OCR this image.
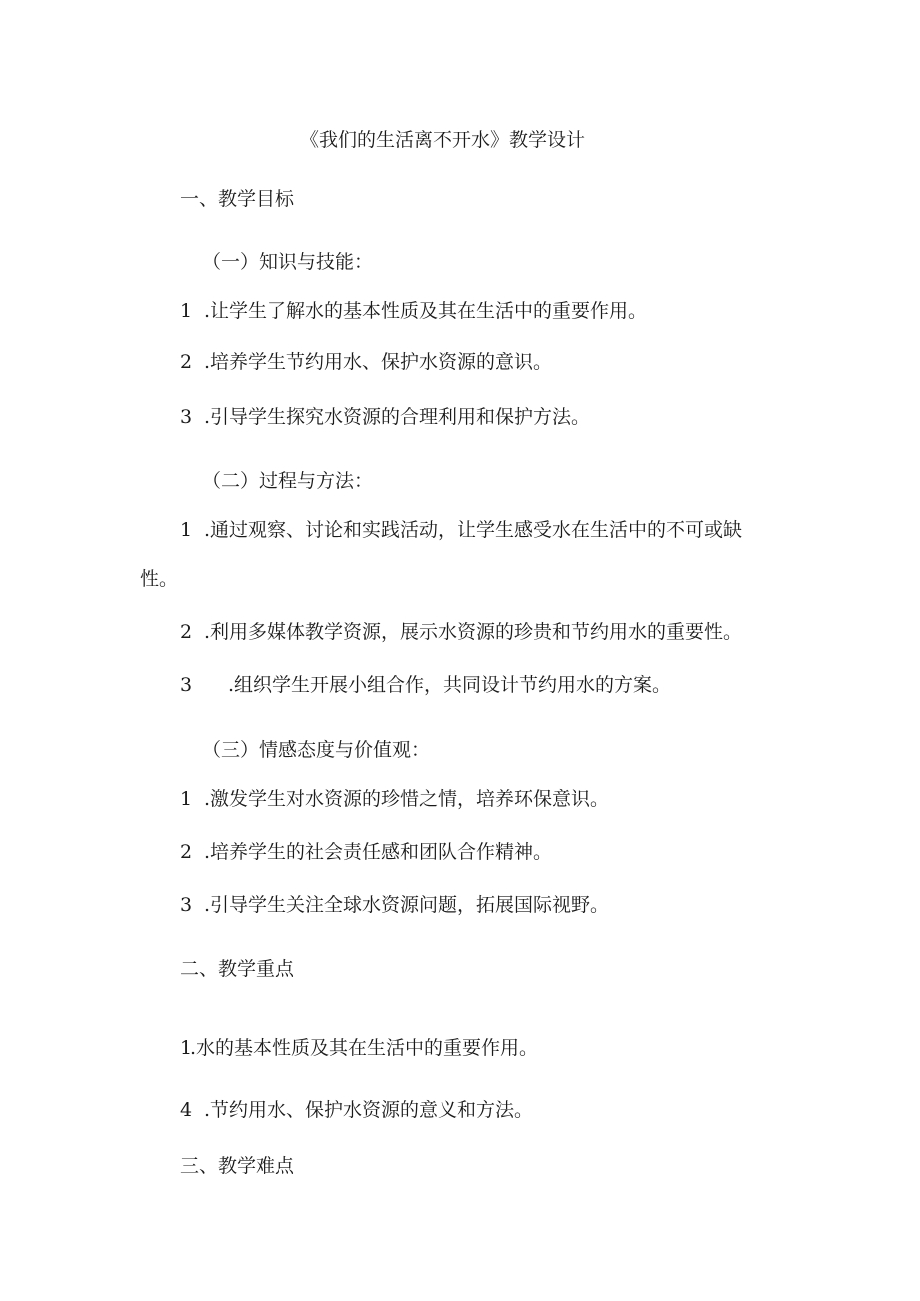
《我们的生活离不开水》教学设计
一、教学目标
（一）知识与技能：
1 .让学生了解水的基本性质及其在生活中的重要作用。
2 .培养学生节约用水、保护水资源的意识。
3 .引导学生探究水资源的合理利用和保护方法。
（二）过程与方法：
1 .通过观察、讨论和实践活动，让学生感受水在生活中的不可或缺
性。
2 .利用多媒体教学资源，展示水资源的珍贵和节约用水的重要性。
3 .组织学生开展小组合作，共同设计节约用水的方案。
（三）情感态度与价值观：
1 .激发学生对水资源的珍惜之情，培养环保意识。
2 .培养学生的社会责任感和团队合作精神。
3 .引导学生关注全球水资源问题，拓展国际视野。
二、教学重点
1.水的基本性质及其在生活中的重要作用。
4 .节约用水、保护水资源的意义和方法。
三、教学难点
